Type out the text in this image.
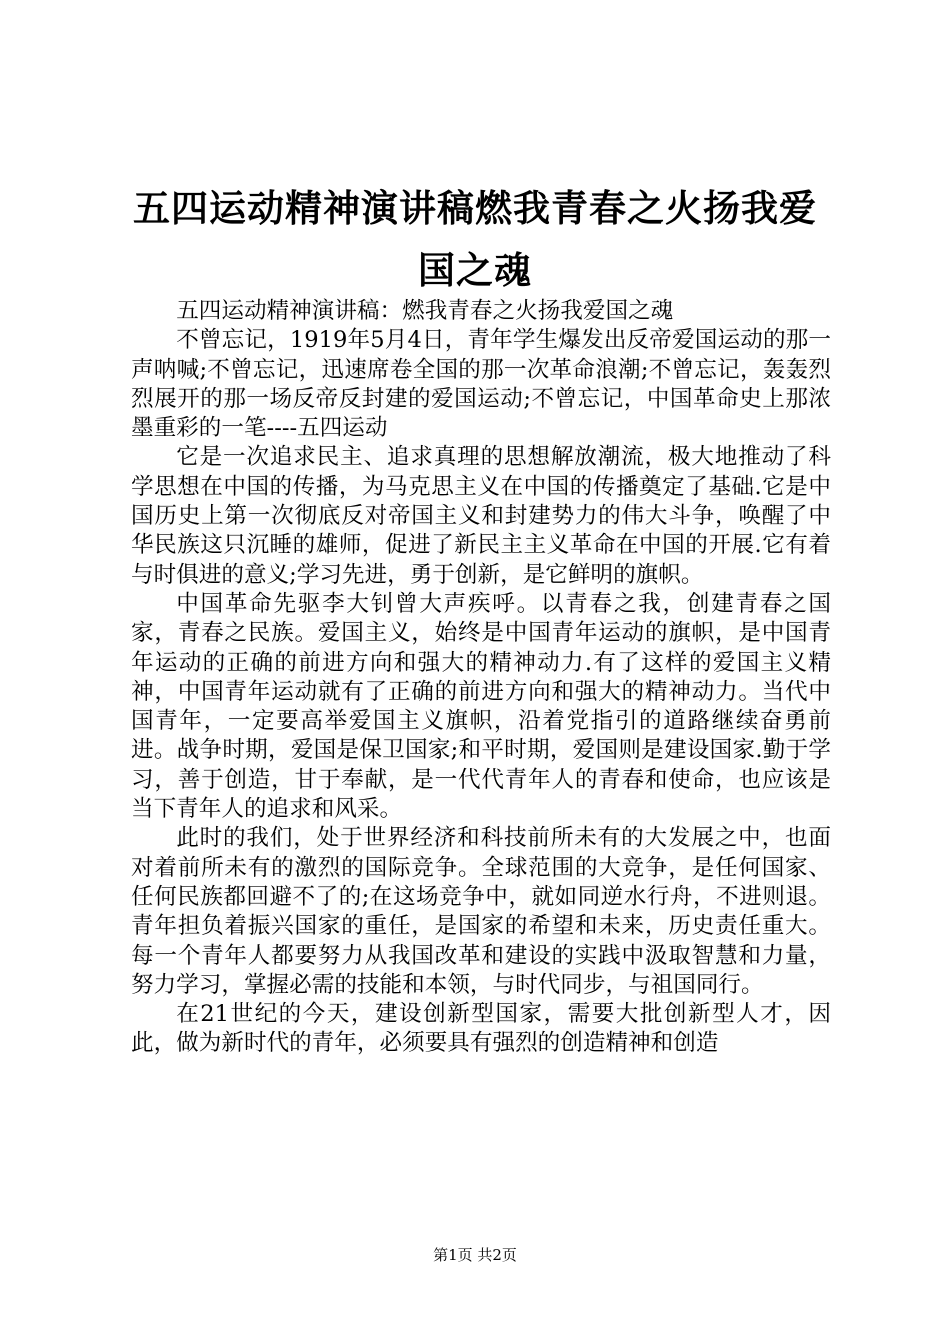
五四运动精神演讲稿燃我青春之火扬我爱国之魂

五四运动精神演讲稿：燃我青春之火扬我爱国之魂

不曾忘记，1919年5月4日，青年学生爆发出反帝爱国运动的那一声呐喊;不曾忘记，迅速席卷全国的那一次革命浪潮;不曾忘记，轰轰烈烈展开的那一场反帝反封建的爱国运动;不曾忘记，中国革命史上那浓墨重彩的一笔----五四运动

它是一次追求民主、追求真理的思想解放潮流，极大地推动了科学思想在中国的传播，为马克思主义在中国的传播奠定了基础.它是中国历史上第一次彻底反对帝国主义和封建势力的伟大斗争，唤醒了中华民族这只沉睡的雄师，促进了新民主主义革命在中国的开展.它有着与时俱进的意义;学习先进，勇于创新，是它鲜明的旗帜。

中国革命先驱李大钊曾大声疾呼。以青春之我，创建青春之国家，青春之民族。爱国主义，始终是中国青年运动的旗帜，是中国青年运动的正确的前进方向和强大的精神动力.有了这样的爱国主义精神，中国青年运动就有了正确的前进方向和强大的精神动力。当代中国青年，一定要高举爱国主义旗帜，沿着党指引的道路继续奋勇前进。战争时期，爱国是保卫国家;和平时期，爱国则是建设国家.勤于学习，善于创造，甘于奉献，是一代代青年人的青春和使命，也应该是当下青年人的追求和风采。

此时的我们，处于世界经济和科技前所未有的大发展之中，也面对着前所未有的激烈的国际竞争。全球范围的大竞争，是任何国家、任何民族都回避不了的;在这场竞争中，就如同逆水行舟，不进则退。青年担负着振兴国家的重任，是国家的希望和未来，历史责任重大。每一个青年人都要努力从我国改革和建设的实践中汲取智慧和力量，努力学习，掌握必需的技能和本领，与时代同步，与祖国同行。

在21世纪的今天，建设创新型国家，需要大批创新型人才，因此，做为新时代的青年，必须要具有强烈的创造精神和创造

第1页 共2页
